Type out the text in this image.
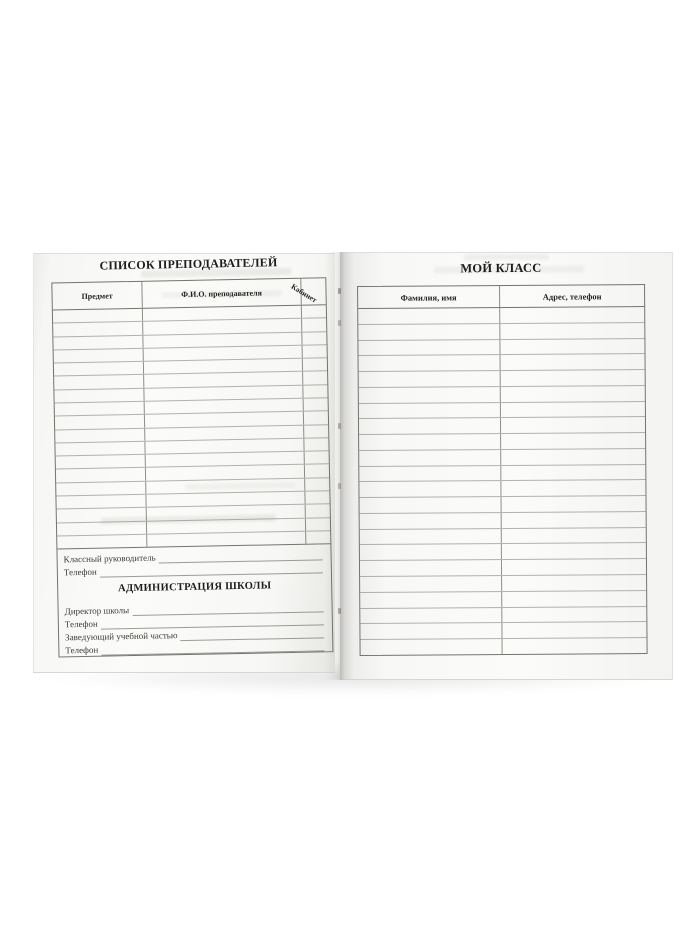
СПИСОК ПРЕПОДАВАТЕЛЕЙ
Предмет	Ф.И.О. преподавателя	Кабинет
Классный руководитель
Телефон
АДМИНИСТРАЦИЯ ШКОЛЫ
Директор школы
Телефон
Заведующий учебной частью
Телефон
МОЙ КЛАСС
Фамилия, имя	Адрес, телефон
